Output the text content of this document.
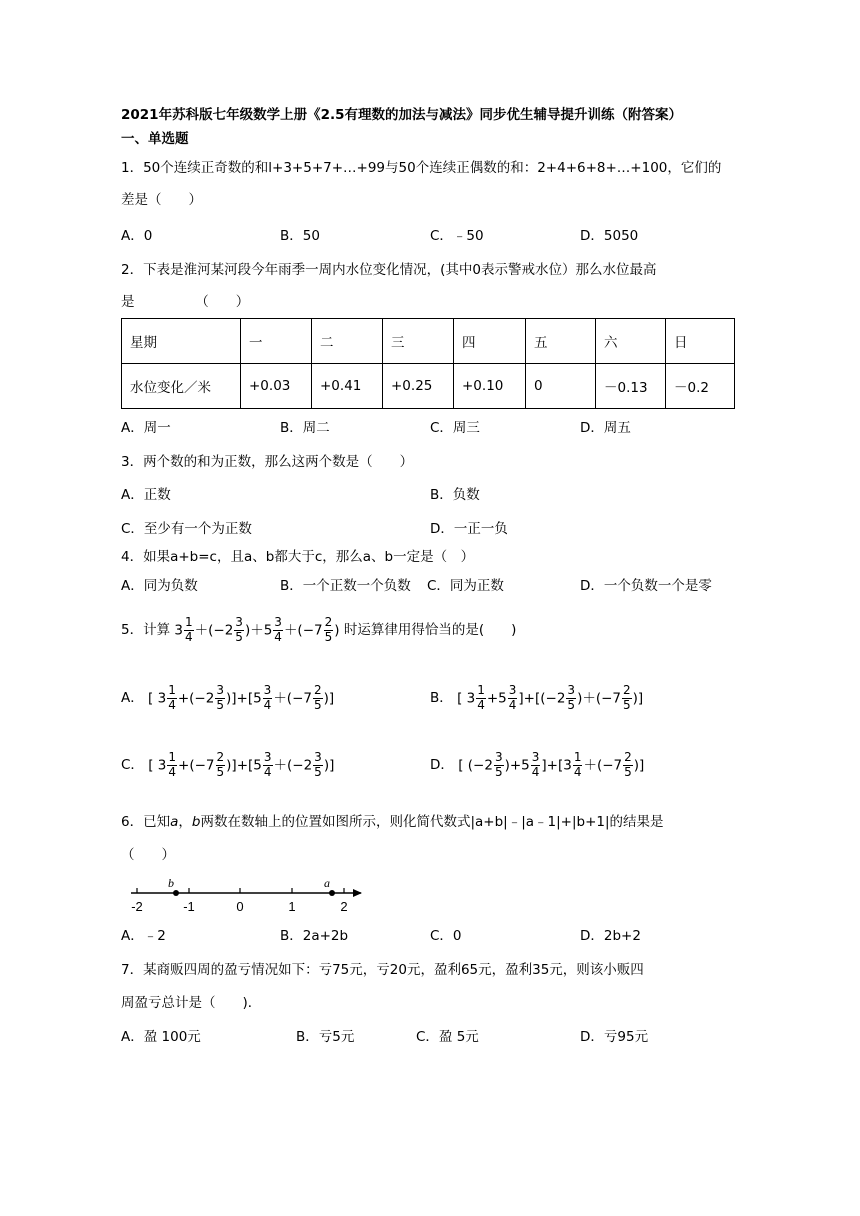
2021年苏科版七年级数学上册《2.5有理数的加法与减法》同步优生辅导提升训练（附答案）
一、单选题
1．50个连续正奇数的和l+3+5+7+…+99与50个连续正偶数的和：2+4+6+8+…+100，它们的
差是（　　）
A．0	B．50	C．﹣50	D．5050
2．下表是淮河某河段今年雨季一周内水位变化情况，(其中0表示警戒水位）那么水位最高
是　　　　　（　　）
星期	一	二	三	四	五	六	日
水位变化／米	+0.03	+0.41	+0.25	+0.10	0	－0.13	－0.2
A．周一	B．周二	C．周三	D．周五
3．两个数的和为正数，那么这两个数是（　　）
A．正数	B．负数
C．至少有一个为正数	D．一正一负
4．如果a+b=c，且a、b都大于c，那么a、b一定是（　）
A．同为负数	B．一个正数一个负数 C．同为正数	D．一个负数一个是零
5．计算 $3 \frac{1}{4} +(-2 \frac{3}{5} )+5 \frac{3}{4} +(-7 \frac{2}{5}$ ) 时运算律用得恰当的是(　　)
A． [ $3 \frac{1}{4} +(-2 \frac{3}{5} )]+[5 \frac{3}{4} +(-7 \frac{2}{5}$ )]	B． [ $3 \frac{1}{4} +5 \frac{3}{4} ]+[(-2 \frac{3}{5} )+(-7 \frac{2}{5}$ )]
C． [ $3 \frac{1}{4} +(-7 \frac{2}{5} )]+[5 \frac{3}{4} +(-2 \frac{3}{5}$ )]	D． [ $(-2 \frac{3}{5} )+5 \frac{3}{4} ]+[3 \frac{1}{4} +(-7 \frac{2}{5}$ )]
6．已知a，b两数在数轴上的位置如图所示，则化简代数式|a+b|﹣|a﹣1|+|b+1|的结果是
（　　）
-2	-1	0	1	2
b	a
A．﹣2	B．2a+2b	C．0	D．2b+2
7．某商贩四周的盈亏情况如下：亏75元，亏20元，盈利65元，盈利35元，则该小贩四
周盈亏总计是（　　)．
A．盈 100元	B．亏5元	C．盈 5元	D．亏95元
